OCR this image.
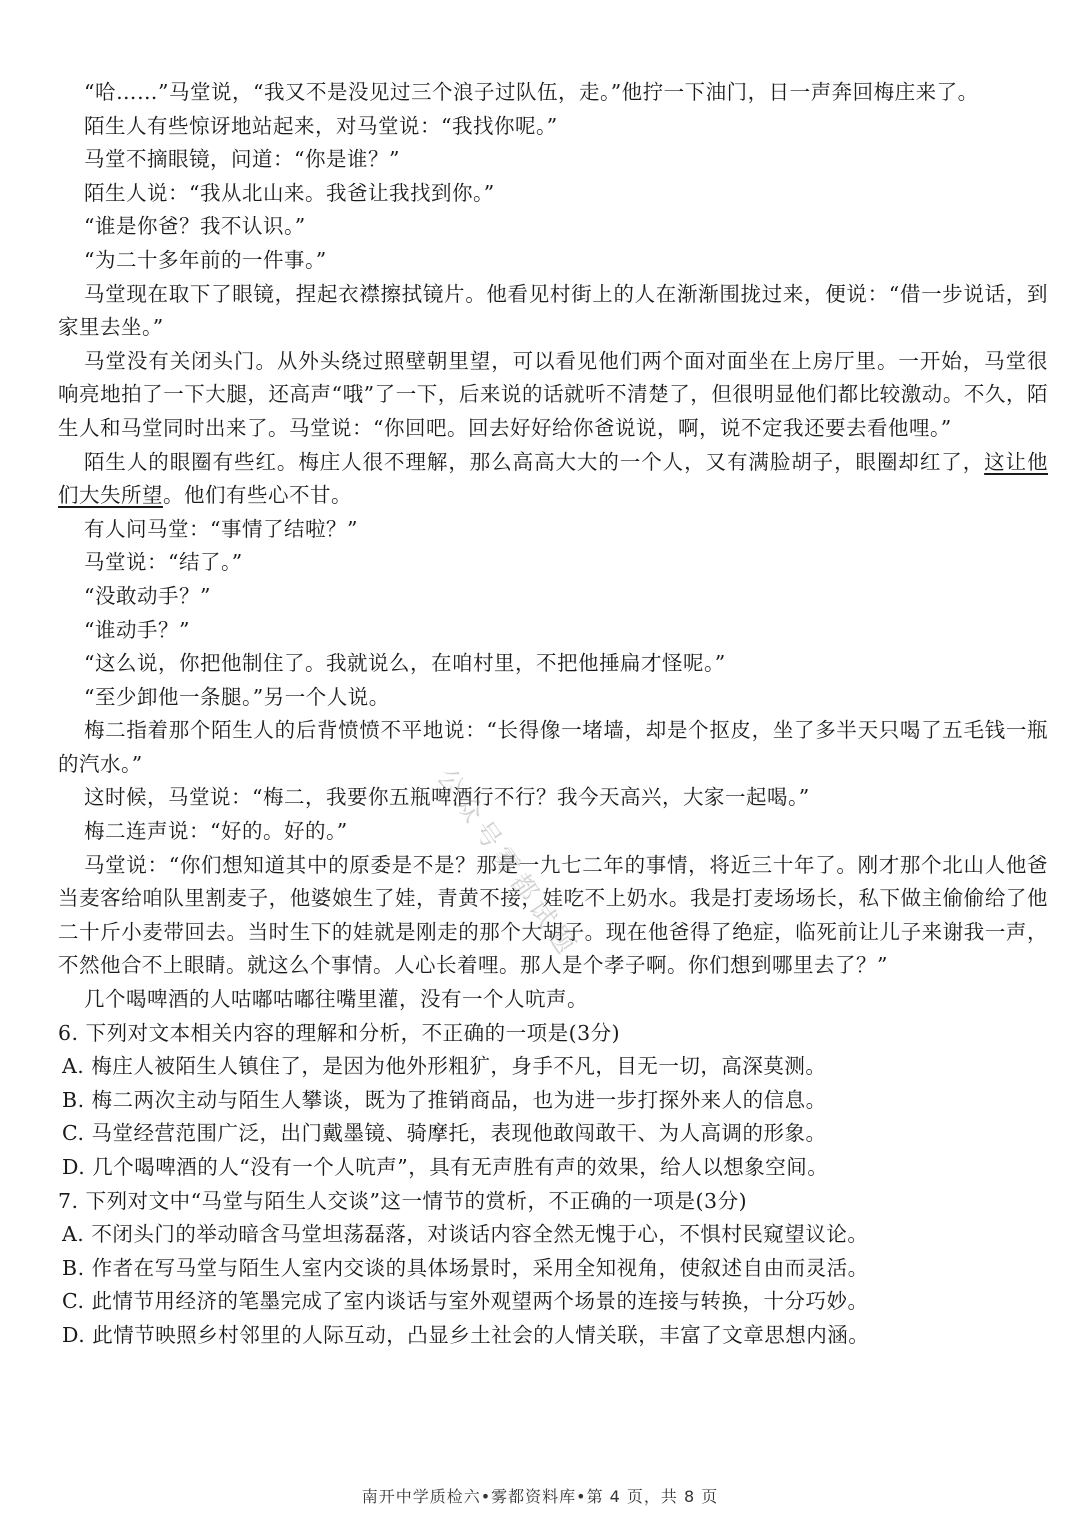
“哈……”马堂说，“我又不是没见过三个浪子过队伍，走。”他拧一下油门，日一声奔回梅庄来了。

陌生人有些惊讶地站起来，对马堂说：“我找你呢。”

马堂不摘眼镜，问道：“你是谁？”

陌生人说：“我从北山来。我爸让我找到你。”

“谁是你爸？我不认识。”

“为二十多年前的一件事。”

马堂现在取下了眼镜，捏起衣襟擦拭镜片。他看见村街上的人在渐渐围拢过来，便说：“借一步说话，到家里去坐。”

马堂没有关闭头门。从外头绕过照壁朝里望，可以看见他们两个面对面坐在上房厅里。一开始，马堂很响亮地拍了一下大腿，还高声“哦”了一下，后来说的话就听不清楚了，但很明显他们都比较激动。不久，陌生人和马堂同时出来了。马堂说：“你回吧。回去好好给你爸说说，啊，说不定我还要去看他哩。”

陌生人的眼圈有些红。梅庄人很不理解，那么高高大大的一个人，又有满脸胡子，眼圈却红了，这让他们大失所望。他们有些心不甘。

有人问马堂：“事情了结啦？”

马堂说：“结了。”

“没敢动手？”

“谁动手？”

“这么说，你把他制住了。我就说么，在咱村里，不把他捶扁才怪呢。”

“至少卸他一条腿。”另一个人说。

梅二指着那个陌生人的后背愤愤不平地说：“长得像一堵墙，却是个抠皮，坐了多半天只喝了五毛钱一瓶的汽水。”

这时候，马堂说：“梅二，我要你五瓶啤酒行不行？我今天高兴，大家一起喝。”

梅二连声说：“好的。好的。”

马堂说：“你们想知道其中的原委是不是？那是一九七二年的事情，将近三十年了。刚才那个北山人他爸当麦客给咱队里割麦子，他婆娘生了娃，青黄不接，娃吃不上奶水。我是打麦场场长，私下做主偷偷给了他二十斤小麦带回去。当时生下的娃就是刚走的那个大胡子。现在他爸得了绝症，临死前让儿子来谢我一声，不然他合不上眼睛。就这么个事情。人心长着哩。那人是个孝子啊。你们想到哪里去了？”

几个喝啤酒的人咕嘟咕嘟往嘴里灌，没有一个人吭声。

6. 下列对文本相关内容的理解和分析，不正确的一项是(3分)

A. 梅庄人被陌生人镇住了，是因为他外形粗犷，身手不凡，目无一切，高深莫测。

B. 梅二两次主动与陌生人攀谈，既为了推销商品，也为进一步打探外来人的信息。

C. 马堂经营范围广泛，出门戴墨镜、骑摩托，表现他敢闯敢干、为人高调的形象。

D. 几个喝啤酒的人“没有一个人吭声”，具有无声胜有声的效果，给人以想象空间。

7. 下列对文中“马堂与陌生人交谈”这一情节的赏析，不正确的一项是(3分)

A. 不闭头门的举动暗含马堂坦荡磊落，对谈话内容全然无愧于心，不惧村民窥望议论。

B. 作者在写马堂与陌生人室内交谈的具体场景时，采用全知视角，使叙述自由而灵活。

C. 此情节用经济的笔墨完成了室内谈话与室外观望两个场景的连接与转换，十分巧妙。

D. 此情节映照乡村邻里的人际互动，凸显乡土社会的人情关联，丰富了文章思想内涵。

公众号雾都试题
南开中学质检六•雾都资料库•第 4 页，共 8 页
